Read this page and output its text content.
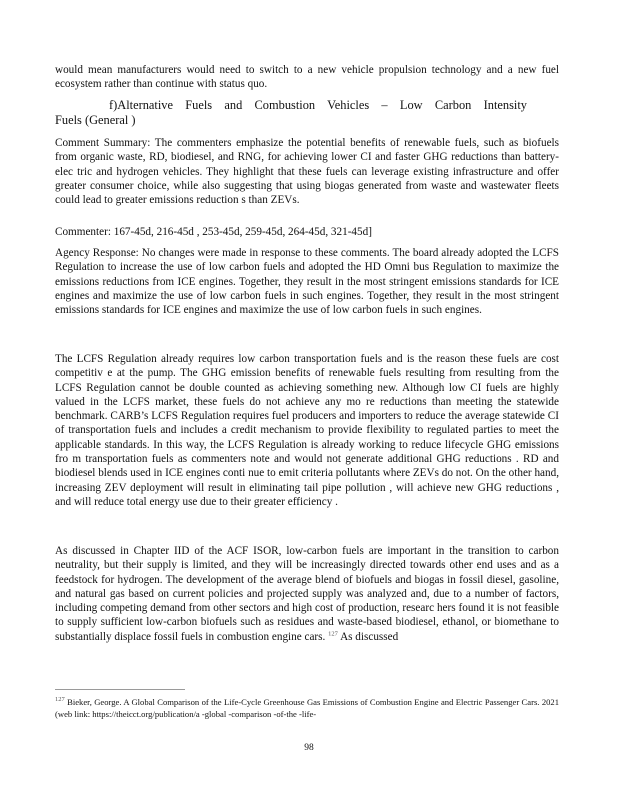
would mean manufacturers would need to switch to a new vehicle propulsion technology and a new fuel ecosystem rather than continue with status quo.

f)Alternative Fuels and Combustion Vehicles – Low Carbon Intensity
Fuels (General )

Comment Summary: The commenters emphasize the potential benefits of renewable fuels, such as biofuels from organic waste, RD, biodiesel, and RNG, for achieving lower CI and faster GHG reductions than battery-elec tric and hydrogen vehicles. They highlight that these fuels can leverage existing infrastructure and offer greater consumer choice, while also suggesting that using biogas generated from waste and wastewater fleets could lead to greater emissions reduction s than ZEVs.

Commenter: 167-45d, 216-45d , 253-45d, 259-45d, 264-45d, 321-45d]

Agency Response: No changes were made in response to these comments. The board already adopted the LCFS Regulation to increase the use of low carbon fuels and adopted the HD Omni bus Regulation to maximize the emissions reductions from ICE engines. Together, they result in the most stringent emissions standards for ICE engines and maximize the use of low carbon fuels in such engines. Together, they result in the most stringent emissions standards for ICE engines and maximize the use of low carbon fuels in such engines.

The LCFS Regulation already requires low carbon transportation fuels and is the reason these fuels are cost competitiv e at the pump. The GHG emission benefits of renewable fuels resulting from resulting from the LCFS Regulation cannot be double counted as achieving something new. Although low CI fuels are highly valued in the LCFS market, these fuels do not achieve any mo re reductions than meeting the statewide benchmark. CARB’s LCFS Regulation requires fuel producers and importers to reduce the average statewide CI of transportation fuels and includes a credit mechanism to provide flexibility to regulated parties to meet the applicable standards. In this way, the LCFS Regulation is already working to reduce lifecycle GHG emissions fro m transportation fuels as commenters note and would not generate additional GHG reductions . RD and biodiesel blends used in ICE engines conti nue to emit criteria pollutants where ZEVs do not. On the other hand, increasing ZEV deployment will result in eliminating tail pipe pollution , will achieve new GHG reductions , and will reduce total energy use due to their greater efficiency .

As discussed in Chapter IID of the ACF ISOR, low-carbon fuels are important in the transition to carbon neutrality, but their supply is limited, and they will be increasingly directed towards other end uses and as a feedstock for hydrogen. The development of the average blend of biofuels and biogas in fossil diesel, gasoline, and natural gas based on current policies and projected supply was analyzed and, due to a number of factors, including competing demand from other sectors and high cost of production, researc hers found it is not feasible to supply sufficient low-carbon biofuels such as residues and waste-based biodiesel, ethanol, or biomethane to substantially displace fossil fuels in combustion engine cars. $^{127}$ As discussed

$^{127}$ Bieker, George. A Global Comparison of the Life-Cycle Greenhouse Gas Emissions of Combustion Engine and Electric Passenger Cars. 2021 (web link: https://theicct.org/publication/a -global -comparison -of-the -life-

98
